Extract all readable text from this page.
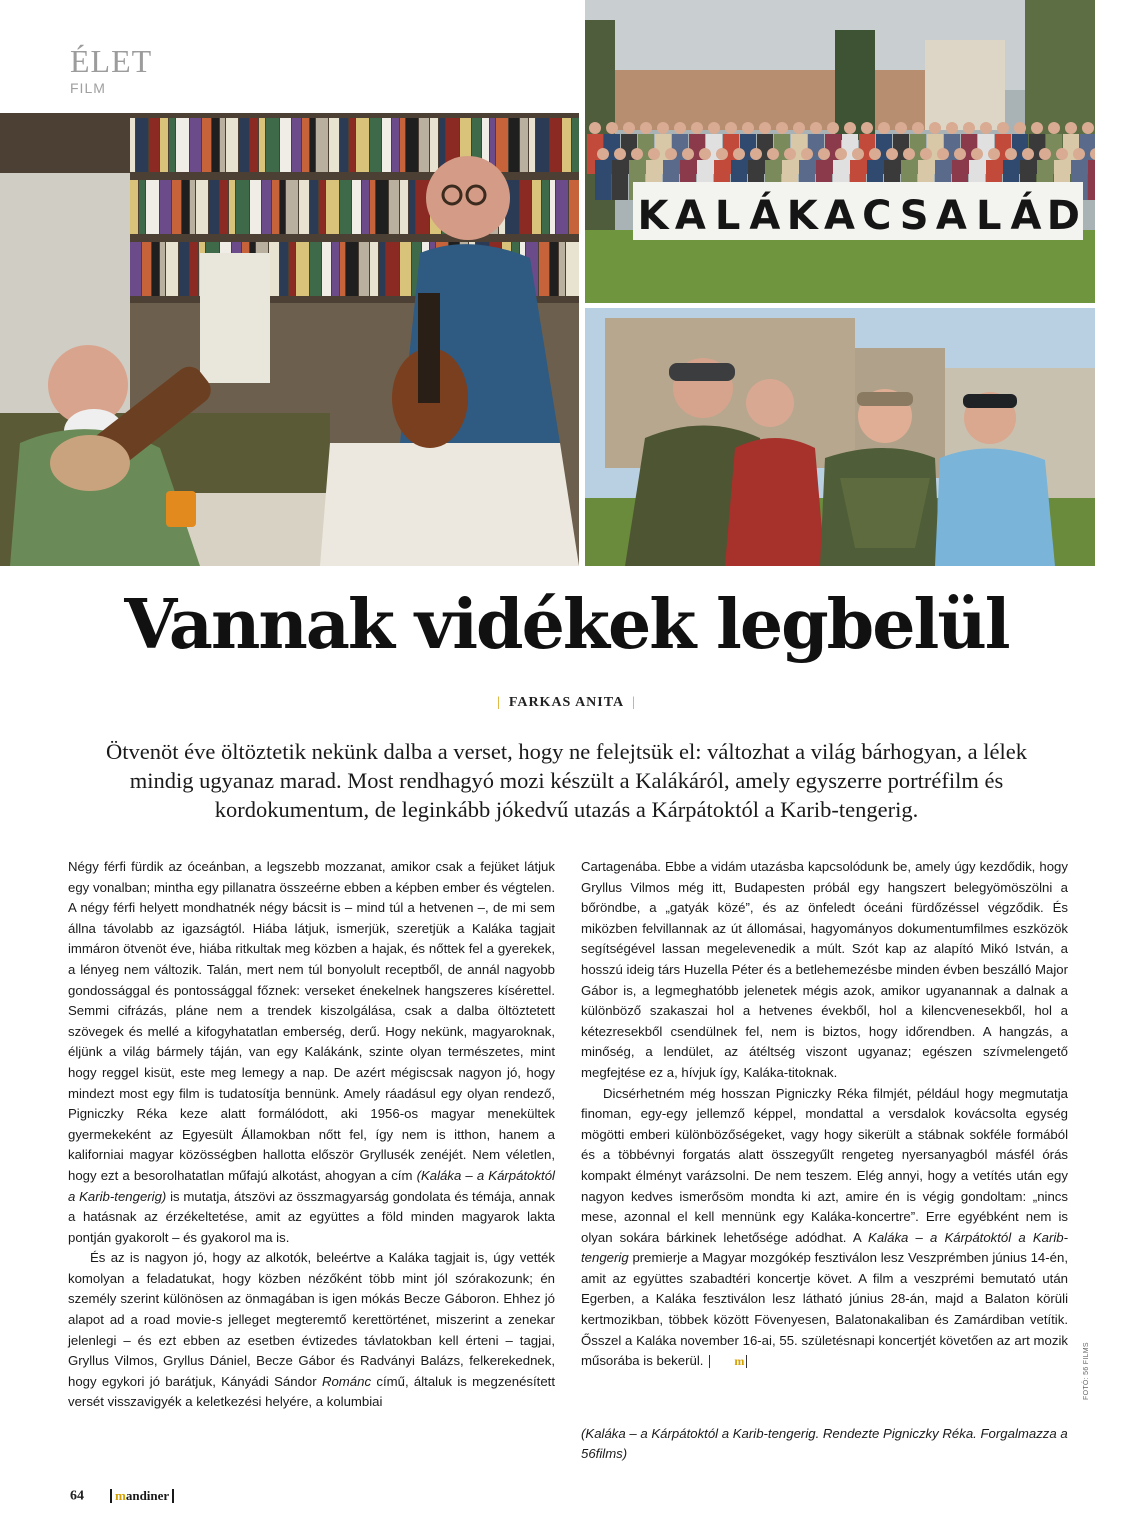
ÉLET
FILM
K A L Á K A C S A L Á D
Vannak vidékek legbelül
| FARKAS ANITA |
Ötvenöt éve öltöztetik nekünk dalba a verset, hogy ne felejtsük el: változhat a világ bárhogyan, a lélek mindig ugyanaz marad. Most rendhagyó mozi készült a Kalákáról, amely egyszerre portréfilm és kordokumentum, de leginkább jókedvű utazás a Kárpátoktól a Karib-tengerig.

Négy férfi fürdik az óceánban, a legszebb mozzanat, amikor csak a fejüket látjuk egy vonalban; mintha egy pillanatra összeérne ebben a képben ember és végtelen. A négy férfi helyett mondhatnék négy bácsit is – mind túl a hetvenen –, de mi sem állna távolabb az igazságtól. Hiába látjuk, ismerjük, szeretjük a Kaláka tagjait immáron ötvenöt éve, hiába ritkultak meg közben a hajak, és nőttek fel a gyerekek, a lényeg nem változik. Talán, mert nem túl bonyolult receptből, de annál nagyobb gondossággal és pontossággal főznek: verseket énekelnek hangszeres kísérettel. Semmi cifrázás, pláne nem a trendek kiszolgálása, csak a dalba öltöztetett szövegek és mellé a kifogyhatatlan emberség, derű. Hogy nekünk, magyaroknak, éljünk a világ bármely táján, van egy Kalákánk, szinte olyan természetes, mint hogy reggel kisüt, este meg lemegy a nap. De azért mégiscsak nagyon jó, hogy mindezt most egy film is tudatosítja bennünk. Amely ráadásul egy olyan rendező, Pigniczky Réka keze alatt formálódott, aki 1956-os magyar menekültek gyermekeként az Egyesült Államokban nőtt fel, így nem is itthon, hanem a kaliforniai magyar közösségben hallotta először Gryllusék zenéjét. Nem véletlen, hogy ezt a besorolhatatlan műfajú alkotást, ahogyan a cím (Kaláka – a Kárpátoktól a Karib-tengerig) is mutatja, átszövi az összmagyarság gondolata és témája, annak a hatásnak az érzékeltetése, amit az együttes a föld minden magyarok lakta pontján gyakorolt – és gyakorol ma is.

És az is nagyon jó, hogy az alkotók, beleértve a Kaláka tagjait is, úgy vették komolyan a feladatukat, hogy közben nézőként több mint jól szórakozunk; én személy szerint különösen az önmagában is igen mókás Becze Gáboron. Ehhez jó alapot ad a road movie-s jelleget megteremtő kerettörténet, miszerint a zenekar jelenlegi – és ezt ebben az esetben évtizedes távlatokban kell érteni – tagjai, Gryllus Vilmos, Gryllus Dániel, Becze Gábor és Radványi Balázs, felkerekednek, hogy egykori jó barátjuk, Kányádi Sándor Románc című, általuk is megzenésített versét visszavigyék a keletkezési helyére, a kolumbiai

Cartagenába. Ebbe a vidám utazásba kapcsolódunk be, amely úgy kezdődik, hogy Gryllus Vilmos még itt, Budapesten próbál egy hangszert belegyömöszölni a bőröndbe, a „gatyák közé”, és az önfeledt óceáni fürdőzéssel végződik. És miközben felvillannak az út állomásai, hagyományos dokumentumfilmes eszközök segítségével lassan megelevenedik a múlt. Szót kap az alapító Mikó István, a hosszú ideig társ Huzella Péter és a betlehemezésbe minden évben beszálló Major Gábor is, a legmeghatóbb jelenetek mégis azok, amikor ugyanannak a dalnak a különböző szakaszai hol a hetvenes évekből, hol a kilencvenesekből, hol a kétezresekből csendülnek fel, nem is biztos, hogy időrendben. A hangzás, a minőség, a lendület, az átéltség viszont ugyanaz; egészen szívmelengető megfejtése ez a, hívjuk így, Kaláka-titoknak.

Dicsérhetném még hosszan Pigniczky Réka filmjét, például hogy megmutatja finoman, egy-egy jellemző képpel, mondattal a versdalok kovácsolta egység mögötti emberi különbözőségeket, vagy hogy sikerült a stábnak sokféle formából és a többévnyi forgatás alatt összegyűlt rengeteg nyersanyagból másfél órás kompakt élményt varázsolni. De nem teszem. Elég annyi, hogy a vetítés után egy nagyon kedves ismerősöm mondta ki azt, amire én is végig gondoltam: „nincs mese, azonnal el kell mennünk egy Kaláka-koncertre”. Erre egyébként nem is olyan sokára bárkinek lehetősége adódhat. A Kaláka – a Kárpátoktól a Karib-tengerig premierje a Magyar mozgókép fesztiválon lesz Veszprémben június 14-én, amit az együttes szabadtéri koncertje követ. A film a veszprémi bemutató után Egerben, a Kaláka fesztiválon lesz látható június 28-án, majd a Balaton körüli kertmozikban, többek között Fövenyesen, Balatonakaliban és Zamárdiban vetítik. Ősszel a Kaláka november 16-ai, 55. születésnapi koncertjét követően az art mozik műsorába is bekerül.	m

(Kaláka – a Kárpátoktól a Karib-tengerig. Rendezte Pigniczky Réka. Forgalmazza a 56films)
FOTÓ: 56 FILMS
64 mandiner
